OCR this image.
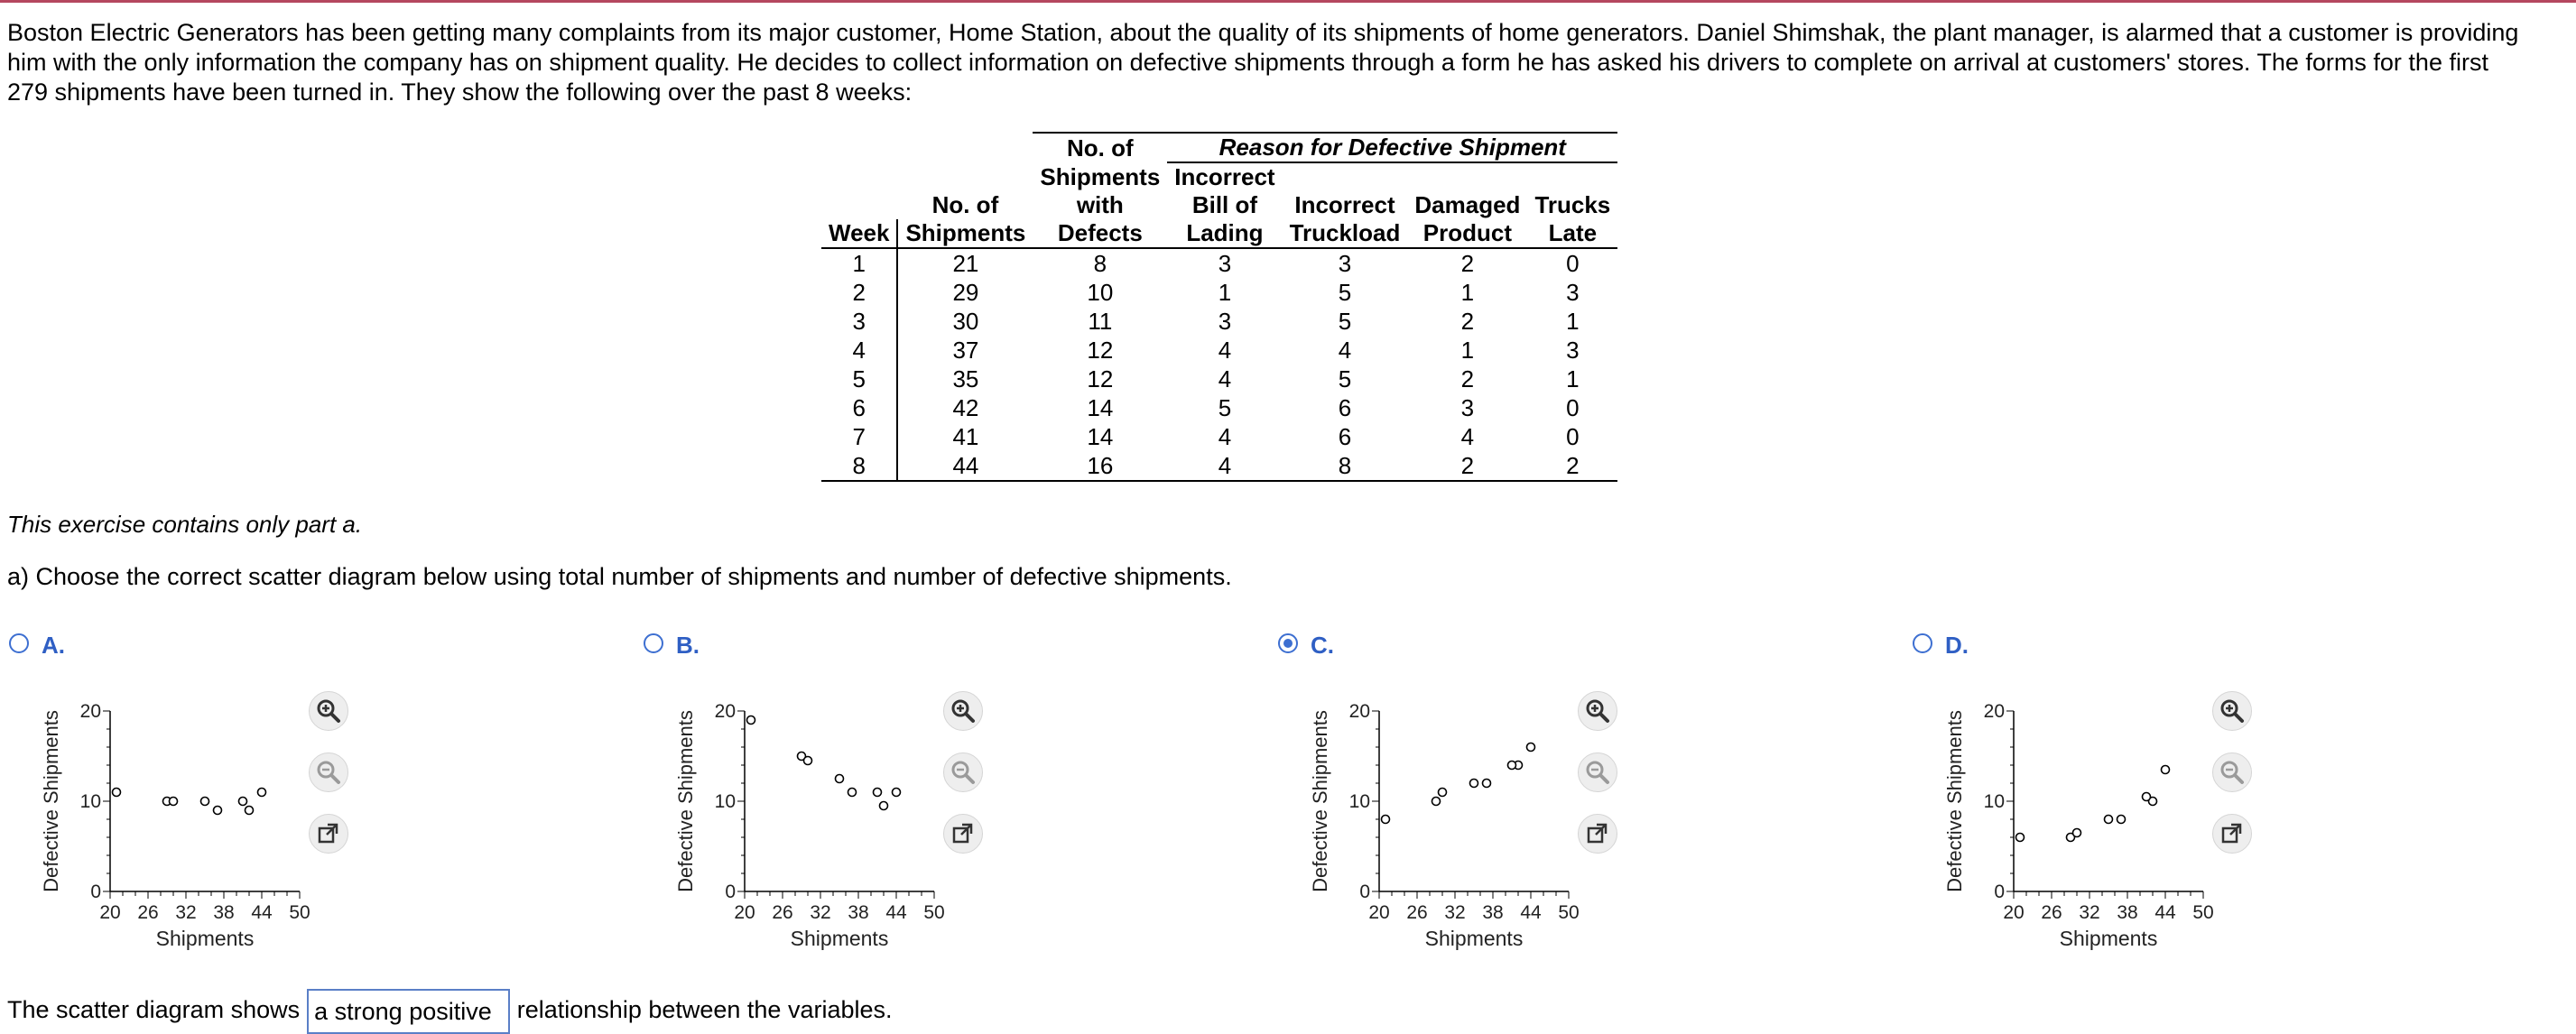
Boston Electric Generators has been getting many complaints from its major customer, Home Station, about the quality of its shipments of home generators. Daniel Shimshak, the plant manager, is alarmed that a customer is providing him with the only information the company has on shipment quality. He decides to collect information on defective shipments through a form he has asked his drivers to complete on arrival at customers' stores. The forms for the first 279 shipments have been turned in. They show the following over the past 8 weeks:
		No. of	Reason for Defective Shipment			
		Shipments	Incorrect			
	No. of	with	Bill of	Incorrect	Damaged	Trucks
Week	Shipments	Defects	Lading	Truckload	Product	Late
1	21	8	3	3	2	0
2	29	10	1	5	1	3
3	30	11	3	5	2	1
4	37	12	4	4	1	3
5	35	12	4	5	2	1
6	42	14	5	6	3	0
7	41	14	4	6	4	0
8	44	16	4	8	2	2
This exercise contains only part a.
a) Choose the correct scatter diagram below using total number of shipments and number of defective shipments.
A.
20 26 32 38 44 50
0
10
20
Shipments
Defective Shipments
B.
20 26 32 38 44 50
0
10
20
Shipments
Defective Shipments
C.
20 26 32 38 44 50
0
10
20
Shipments
Defective Shipments
D.
20 26 32 38 44 50
0
10
20
Shipments
Defective Shipments
The scatter diagram shows a strong positive relationship between the variables.
